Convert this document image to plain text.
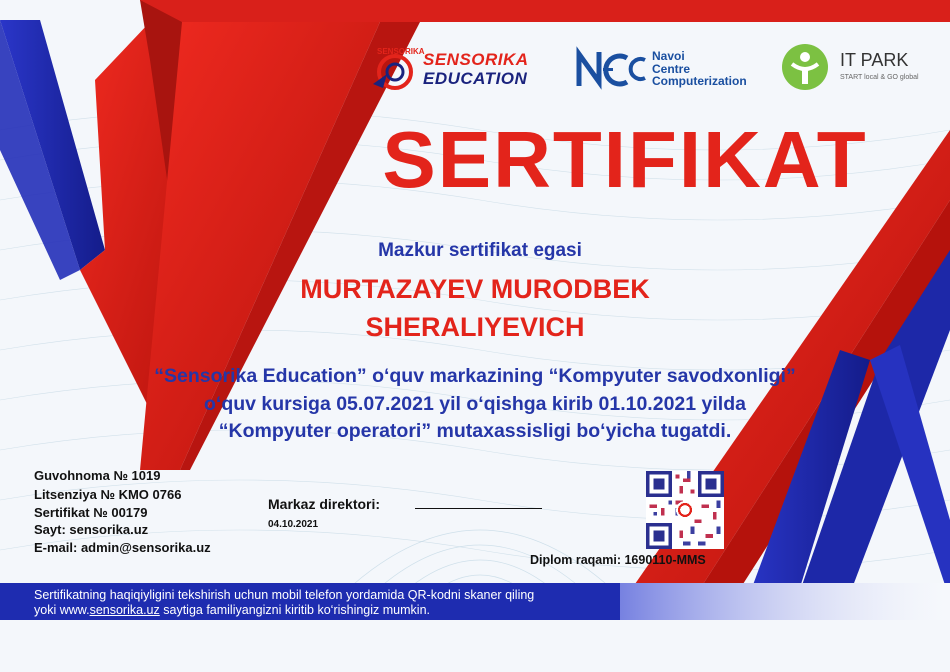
SENSORIKA
SENSORIKA
EDUCATION
Navoi
Centre
Computerization
IT PARK
START local & GO global
SERTIFIKAT
Mazkur sertifikat egasi
MURTAZAYEV MURODBEK
SHERALIYEVICH
“Sensorika Education” o‘quv markazining “Kompyuter savodxonligi”
o‘quv kursiga 05.07.2021 yil o‘qishga kirib 01.10.2021 yilda
“Kompyuter operatori” mutaxassisligi bo‘yicha tugatdi.
Guvohnoma № 1019
Litsenziya № KMO 0766
Sertifikat № 00179
Sayt: sensorika.uz
E-mail: admin@sensorika.uz
Markaz direktori:
04.10.2021
Diplom raqami: 1690110-MMS
Sertifikatning haqiqiyligini tekshirish uchun mobil telefon yordamida QR-kodni skaner qiling
yoki www.sensorika.uz saytiga familiyangizni kiritib ko‘rishingiz mumkin.
